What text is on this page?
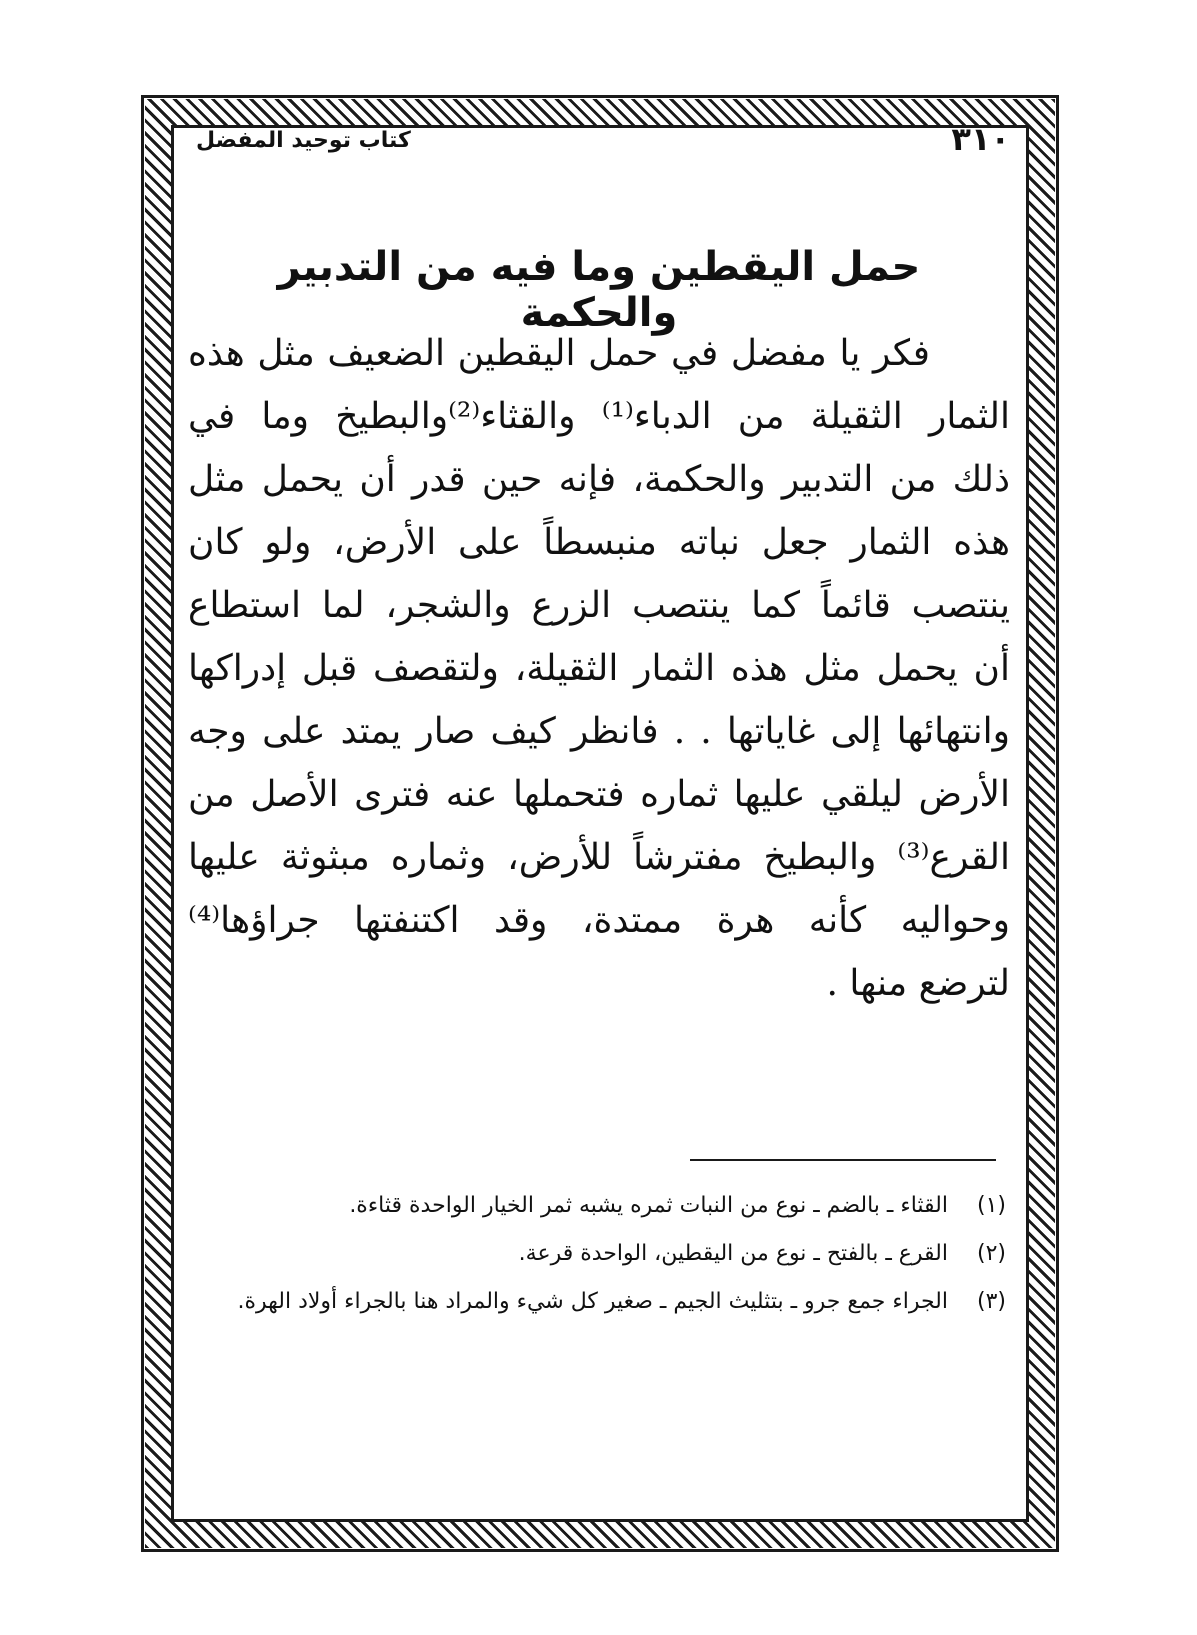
٣١٠
كتاب توحيد المفضل
حمل اليقطين وما فيه من التدبير والحكمة
فكر يا مفضل في حمل اليقطين الضعيف مثل هذه
الثمار الثقيلة من الدباء⁽¹⁾ والقثاء⁽²⁾والبطيخ وما في
ذلك من التدبير والحكمة، فإنه حين قدر أن يحمل مثل
هذه الثمار جعل نباته منبسطاً على الأرض، ولو كان
ينتصب قائماً كما ينتصب الزرع والشجر، لما استطاع
أن يحمل مثل هذه الثمار الثقيلة، ولتقصف قبل إدراكها
وانتهائها إلى غاياتها . . فانظر كيف صار يمتد على وجه
الأرض ليلقي عليها ثماره فتحملها عنه فترى الأصل من
القرع⁽³⁾ والبطيخ مفترشاً للأرض، وثماره مبثوثة عليها
وحواليه كأنه هرة ممتدة، وقد اكتنفتها جراؤها⁽⁴⁾
لترضع منها .
(١)
القثاء ـ بالضم ـ نوع من النبات ثمره يشبه ثمر الخيار الواحدة قثاءة.
(٢)
القرع ـ بالفتح ـ نوع من اليقطين، الواحدة قرعة.
(٣)
الجراء جمع جرو ـ بتثليث الجيم ـ صغير كل شيء والمراد هنا بالجراء أولاد الهرة.
